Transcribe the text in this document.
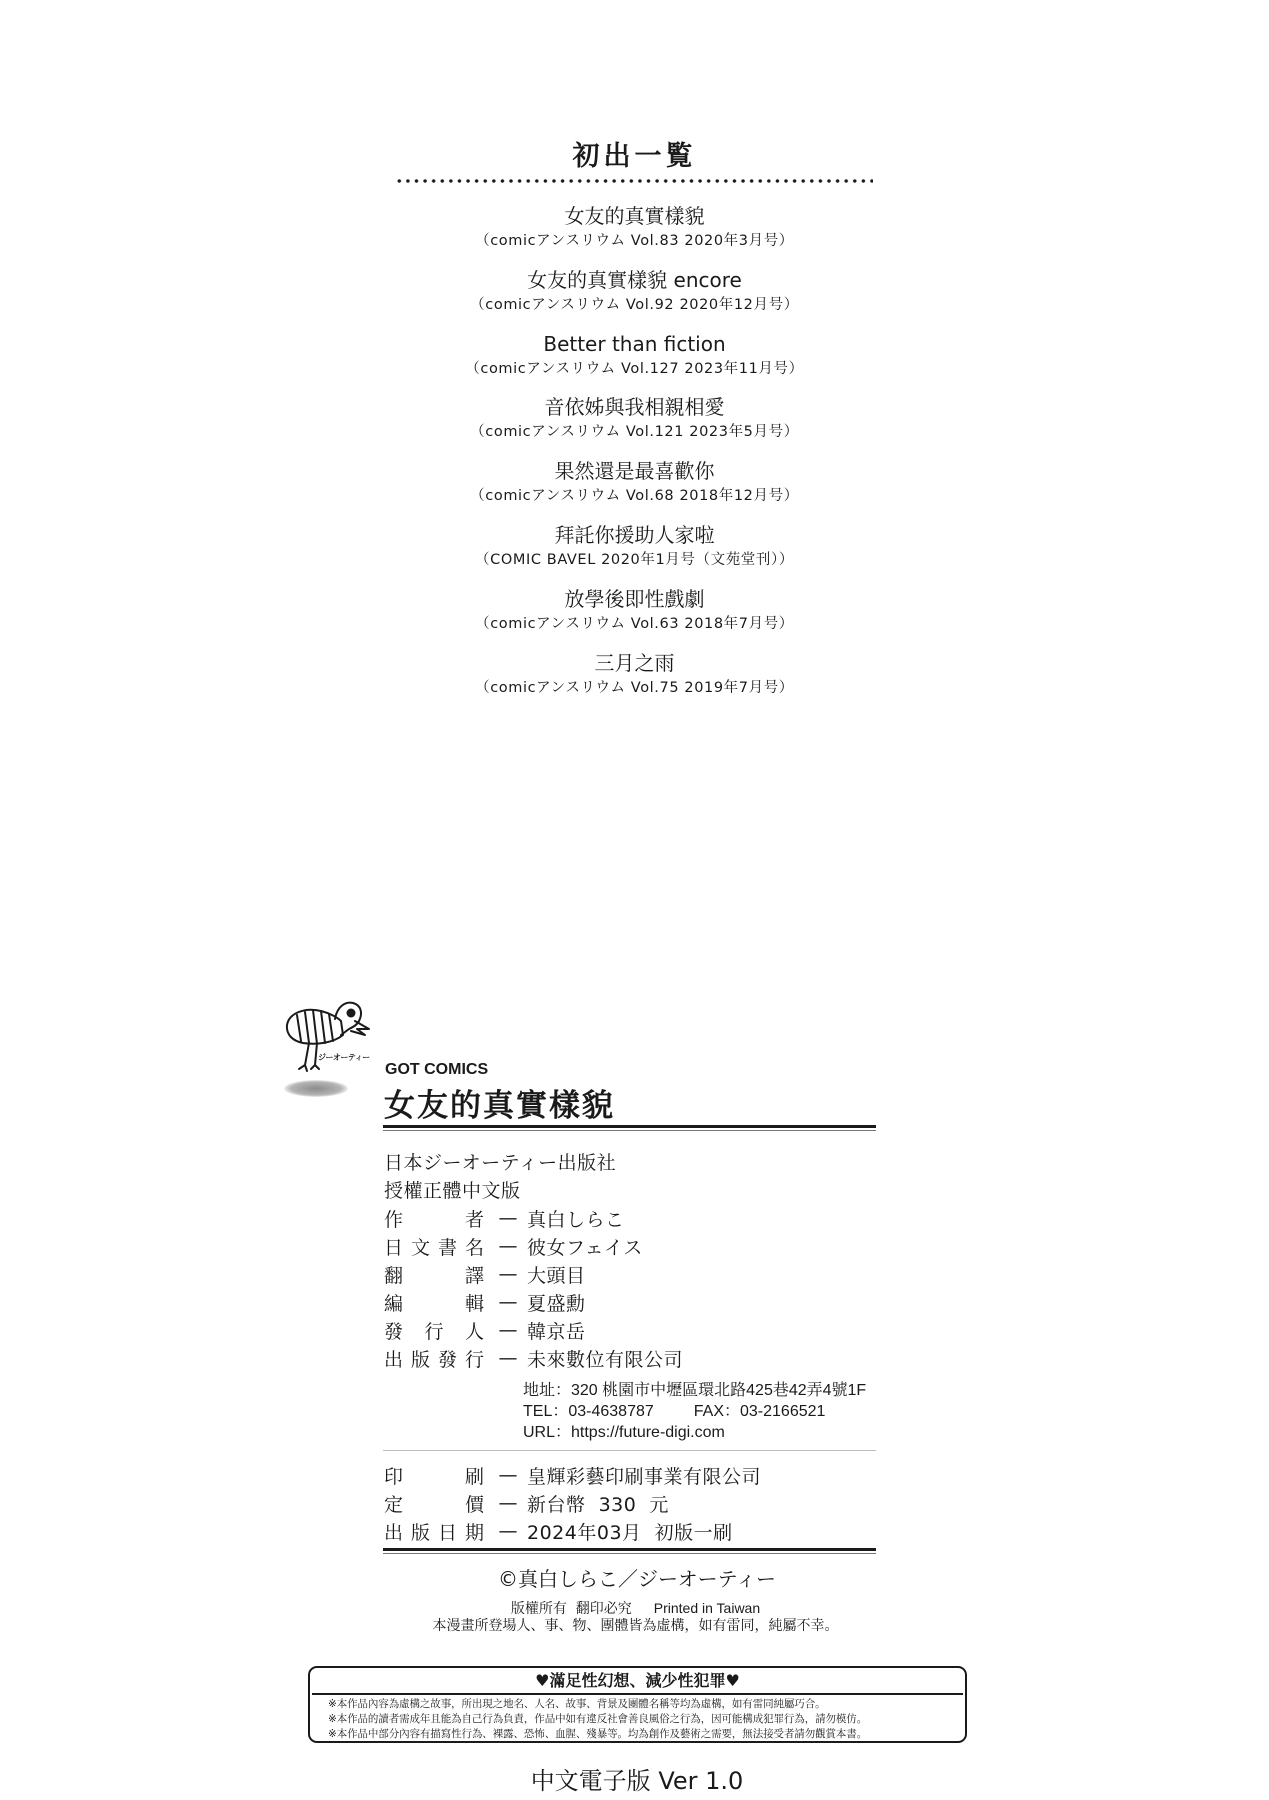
初出一覧
女友的真實樣貌
（comicアンスリウム Vol.83 2020年3月号）
女友的真實樣貌 encore
（comicアンスリウム Vol.92 2020年12月号）
Better than fiction
（comicアンスリウム Vol.127 2023年11月号）
音依姊與我相親相愛
（comicアンスリウム Vol.121 2023年5月号）
果然還是最喜歡你
（comicアンスリウム Vol.68 2018年12月号）
拜託你援助人家啦
（COMIC BAVEL 2020年1月号（文苑堂刊））
放學後即性戲劇
（comicアンスリウム Vol.63 2018年7月号）
三月之雨
（comicアンスリウム Vol.75 2019年7月号）
ジーオーティー
GOT COMICS
女友的真實樣貌
日本ジーオーティー出版社
授權正體中文版
作	者 — 真白しらこ
日 文 書 名 — 彼女フェイス
翻	譯 — 大頭目
編	輯 — 夏盛勳
發 行 人 — 韓京岳
出 版 發 行 — 未來數位有限公司
地址：320 桃園市中壢區環北路425巷42弄4號1F
TEL：03-4638787	FAX：03-2166521
URL：https://future-digi.com
印	刷 — 皇輝彩藝印刷事業有限公司
定	價 — 新台幣  330  元
出 版 日 期 — 2024年03月  初版一刷
©真白しらこ／ジーオーティー
版權所有  翻印必究 Printed in Taiwan
本漫畫所登場人、事、物、團體皆為虛構，如有雷同，純屬不幸。
♥滿足性幻想、減少性犯罪♥
※本作品內容為虛構之故事，所出現之地名、人名、故事、背景及團體名稱等均為虛構，如有雷同純屬巧合。
※本作品的讀者需成年且能為自己行為負責，作品中如有違反社會善良風俗之行為，因可能構成犯罪行為，請勿模仿。
※本作品中部分內容有描寫性行為、裸露、恐怖、血腥、殘暴等。均為創作及藝術之需要，無法接受者請勿觀賞本書。
中文電子版 Ver 1.0
